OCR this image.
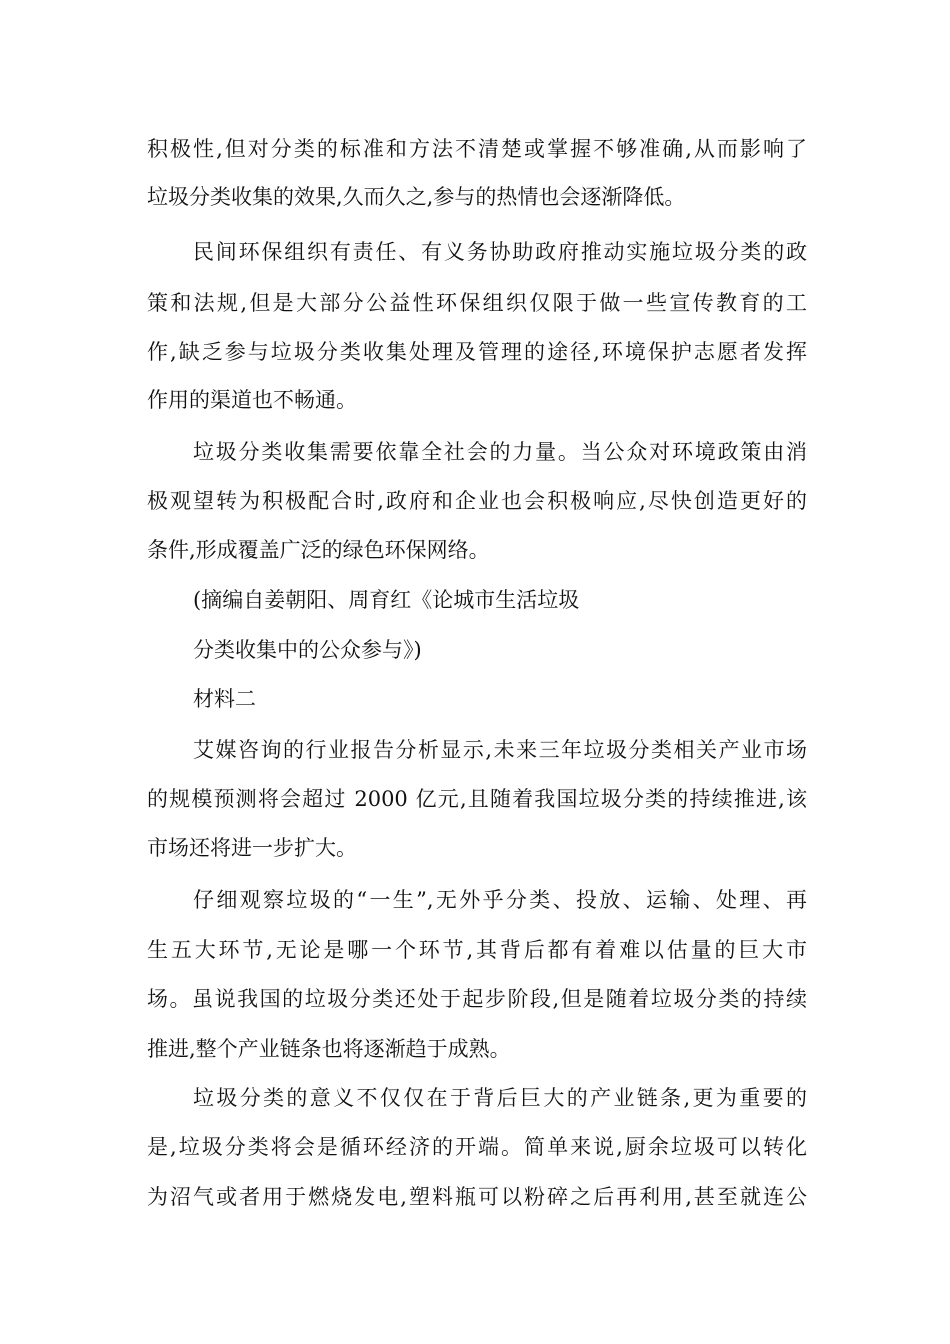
积极性,但对分类的标准和方法不清楚或掌握不够准确,从而影响了
垃圾分类收集的效果,久而久之,参与的热情也会逐渐降低。
民间环保组织有责任、有义务协助政府推动实施垃圾分类的政
策和法规,但是大部分公益性环保组织仅限于做一些宣传教育的工
作,缺乏参与垃圾分类收集处理及管理的途径,环境保护志愿者发挥
作用的渠道也不畅通。
垃圾分类收集需要依靠全社会的力量。当公众对环境政策由消
极观望转为积极配合时,政府和企业也会积极响应,尽快创造更好的
条件,形成覆盖广泛的绿色环保网络。
(摘编自姜朝阳、周育红《论城市生活垃圾
分类收集中的公众参与》)
材料二
艾媒咨询的行业报告分析显示,未来三年垃圾分类相关产业市场
的规模预测将会超过 2000 亿元,且随着我国垃圾分类的持续推进,该
市场还将进一步扩大。
仔细观察垃圾的“一生”,无外乎分类、投放、运输、处理、再
生五大环节,无论是哪一个环节,其背后都有着难以估量的巨大市
场。虽说我国的垃圾分类还处于起步阶段,但是随着垃圾分类的持续
推进,整个产业链条也将逐渐趋于成熟。
垃圾分类的意义不仅仅在于背后巨大的产业链条,更为重要的
是,垃圾分类将会是循环经济的开端。简单来说,厨余垃圾可以转化
为沼气或者用于燃烧发电,塑料瓶可以粉碎之后再利用,甚至就连公
